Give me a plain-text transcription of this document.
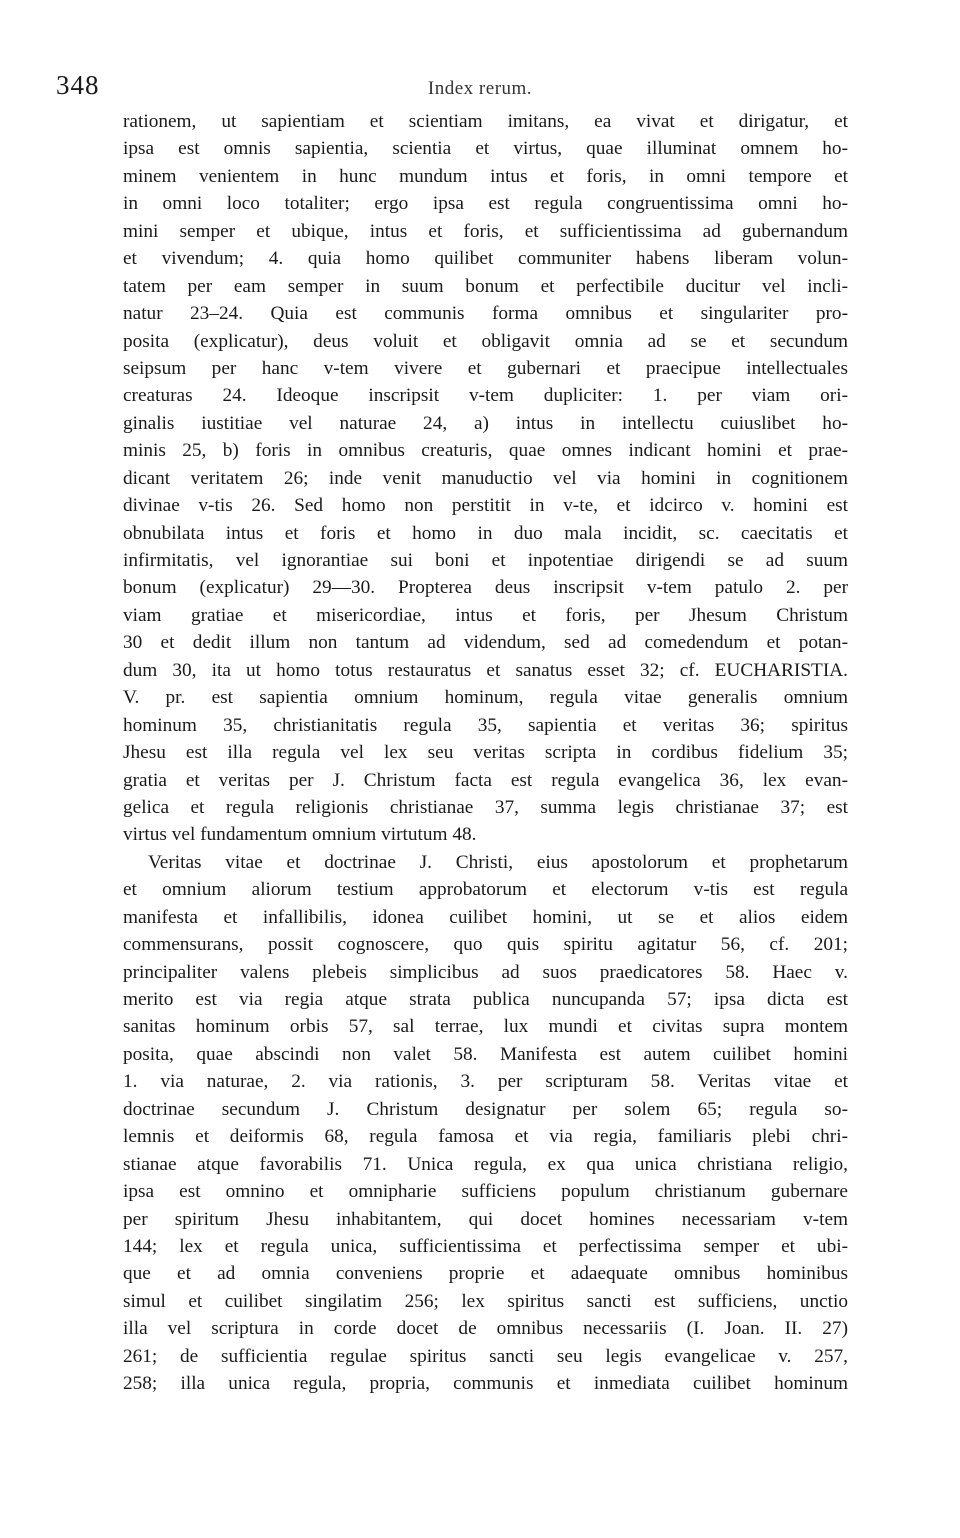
348	Index rerum.
rationem, ut sapientiam et scientiam imitans, ea vivat et dirigatur, et
ipsa est omnis sapientia, scientia et virtus, quae illuminat omnem ho-
minem venientem in hunc mundum intus et foris, in omni tempore et
in omni loco totaliter; ergo ipsa est regula congruentissima omni ho-
mini semper et ubique, intus et foris, et sufficientissima ad gubernandum
et vivendum; 4. quia homo quilibet communiter habens liberam volun-
tatem per eam semper in suum bonum et perfectibile ducitur vel incli-
natur 23–24. Quia est communis forma omnibus et singulariter pro-
posita (explicatur), deus voluit et obligavit omnia ad se et secundum
seipsum per hanc v-tem vivere et gubernari et praecipue intellectuales
creaturas 24. Ideoque inscripsit v-tem dupliciter: 1. per viam ori-
ginalis iustitiae vel naturae 24, a) intus in intellectu cuiuslibet ho-
minis 25, b) foris in omnibus creaturis, quae omnes indicant homini et prae-
dicant veritatem 26; inde venit manuductio vel via homini in cognitionem
divinae v-tis 26. Sed homo non perstitit in v-te, et idcirco v. homini est
obnubilata intus et foris et homo in duo mala incidit, sc. caecitatis et
infirmitatis, vel ignorantiae sui boni et inpotentiae dirigendi se ad suum
bonum (explicatur) 29—30. Propterea deus inscripsit v-tem patulo 2. per
viam gratiae et misericordiae, intus et foris, per Jhesum Christum
30 et dedit illum non tantum ad videndum, sed ad comedendum et potan-
dum 30, ita ut homo totus restauratus et sanatus esset 32; cf. EUCHARISTIA.
V. pr. est sapientia omnium hominum, regula vitae generalis omnium
hominum 35, christianitatis regula 35, sapientia et veritas 36; spiritus
Jhesu est illa regula vel lex seu veritas scripta in cordibus fidelium 35;
gratia et veritas per J. Christum facta est regula evangelica 36, lex evan-
gelica et regula religionis christianae 37, summa legis christianae 37; est
virtus vel fundamentum omnium virtutum 48.
Veritas vitae et doctrinae J. Christi, eius apostolorum et prophetarum
et omnium aliorum testium approbatorum et electorum v-tis est regula
manifesta et infallibilis, idonea cuilibet homini, ut se et alios eidem
commensurans, possit cognoscere, quo quis spiritu agitatur 56, cf. 201;
principaliter valens plebeis simplicibus ad suos praedicatores 58. Haec v.
merito est via regia atque strata publica nuncupanda 57; ipsa dicta est
sanitas hominum orbis 57, sal terrae, lux mundi et civitas supra montem
posita, quae abscindi non valet 58. Manifesta est autem cuilibet homini
1. via naturae, 2. via rationis, 3. per scripturam 58. Veritas vitae et
doctrinae secundum J. Christum designatur per solem 65; regula so-
lemnis et deiformis 68, regula famosa et via regia, familiaris plebi chri-
stianae atque favorabilis 71. Unica regula, ex qua unica christiana religio,
ipsa est omnino et omnipharie sufficiens populum christianum gubernare
per spiritum Jhesu inhabitantem, qui docet homines necessariam v-tem
144; lex et regula unica, sufficientissima et perfectissima semper et ubi-
que et ad omnia conveniens proprie et adaequate omnibus hominibus
simul et cuilibet singilatim 256; lex spiritus sancti est sufficiens, unctio
illa vel scriptura in corde docet de omnibus necessariis (I. Joan. II. 27)
261; de sufficientia regulae spiritus sancti seu legis evangelicae v. 257,
258; illa unica regula, propria, communis et inmediata cuilibet hominum
